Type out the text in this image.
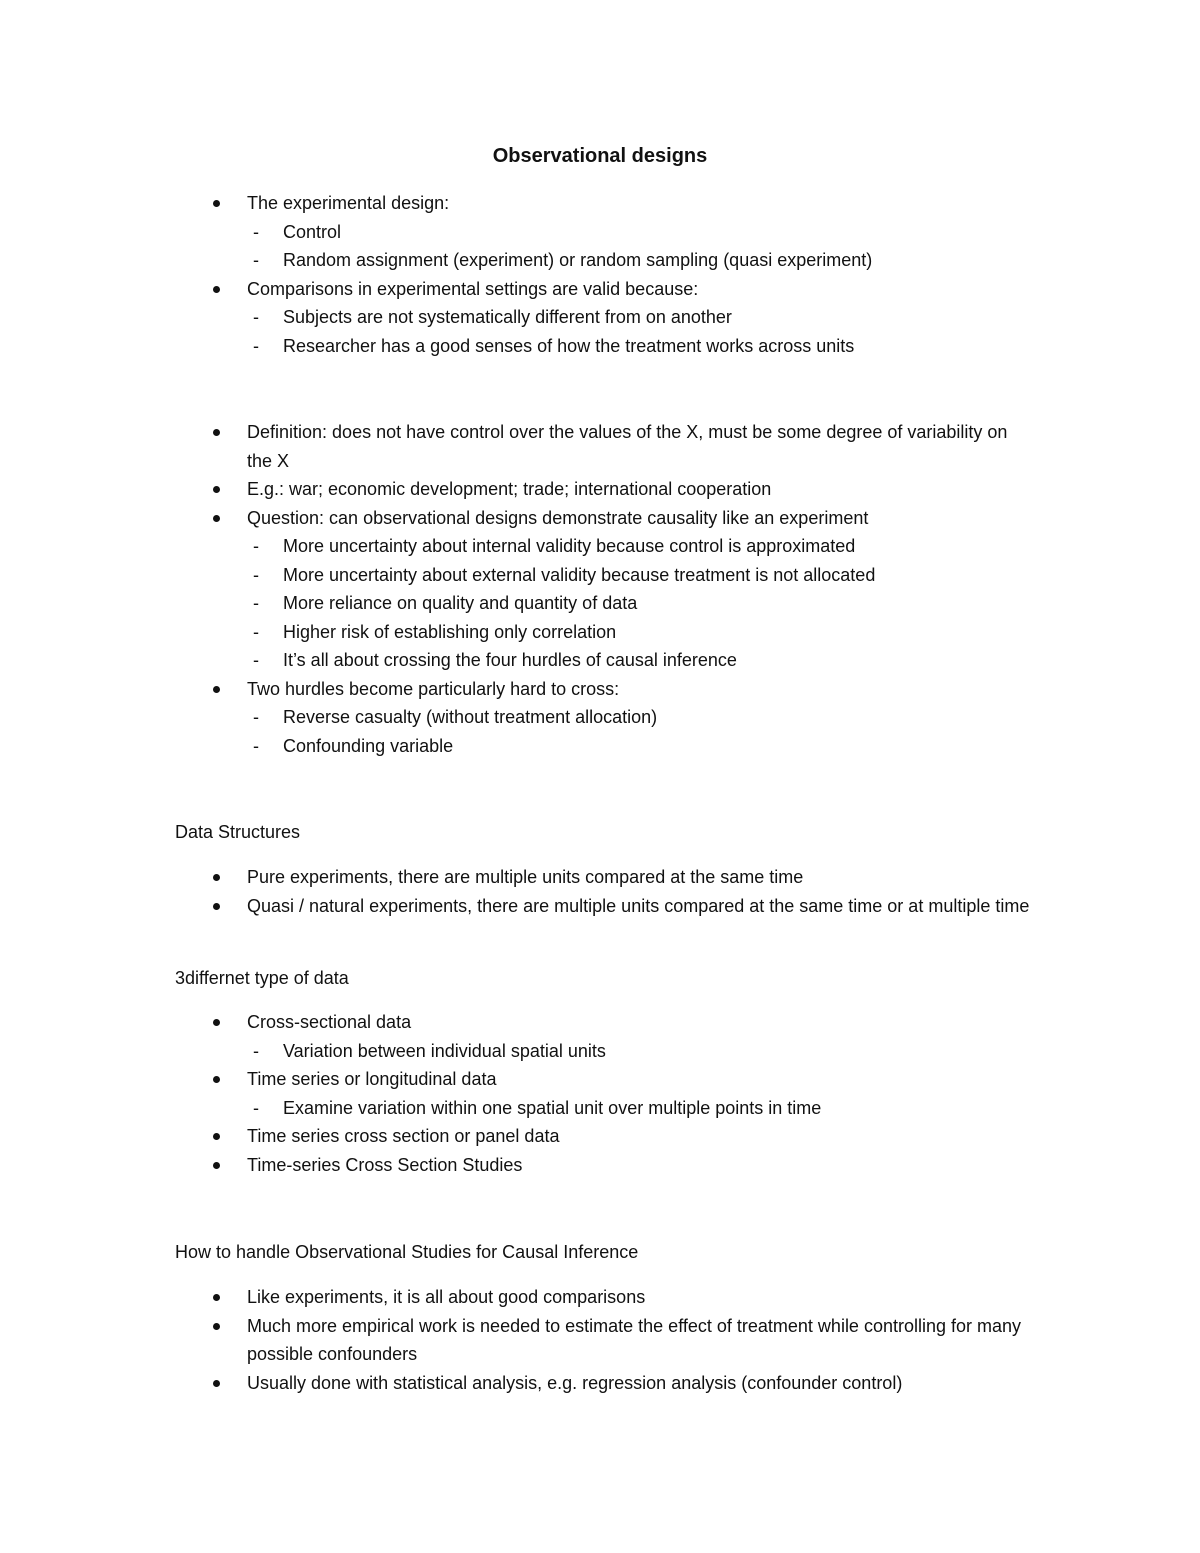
Observational designs
The experimental design:
- Control
- Random assignment (experiment) or random sampling (quasi experiment)
Comparisons in experimental settings are valid because:
- Subjects are not systematically different from on another
- Researcher has a good senses of how the treatment works across units
Definition: does not have control over the values of the X, must be some degree of variability on the X
E.g.: war; economic development; trade; international cooperation
Question: can observational designs demonstrate causality like an experiment
- More uncertainty about internal validity because control is approximated
- More uncertainty about external validity because treatment is not allocated
- More reliance on quality and quantity of data
- Higher risk of establishing only correlation
- It’s all about crossing the four hurdles of causal inference
Two hurdles become particularly hard to cross:
- Reverse casualty (without treatment allocation)
- Confounding variable
Data Structures
Pure experiments, there are multiple units compared at the same time
Quasi / natural experiments, there are multiple units compared at the same time or at multiple time
3differnet type of data
Cross-sectional data
- Variation between individual spatial units
Time series or longitudinal data
- Examine variation within one spatial unit over multiple points in time
Time series cross section or panel data
Time-series Cross Section Studies
How to handle Observational Studies for Causal Inference
Like experiments, it is all about good comparisons
Much more empirical work is needed to estimate the effect of treatment while controlling for many possible confounders
Usually done with statistical analysis, e.g. regression analysis (confounder control)
